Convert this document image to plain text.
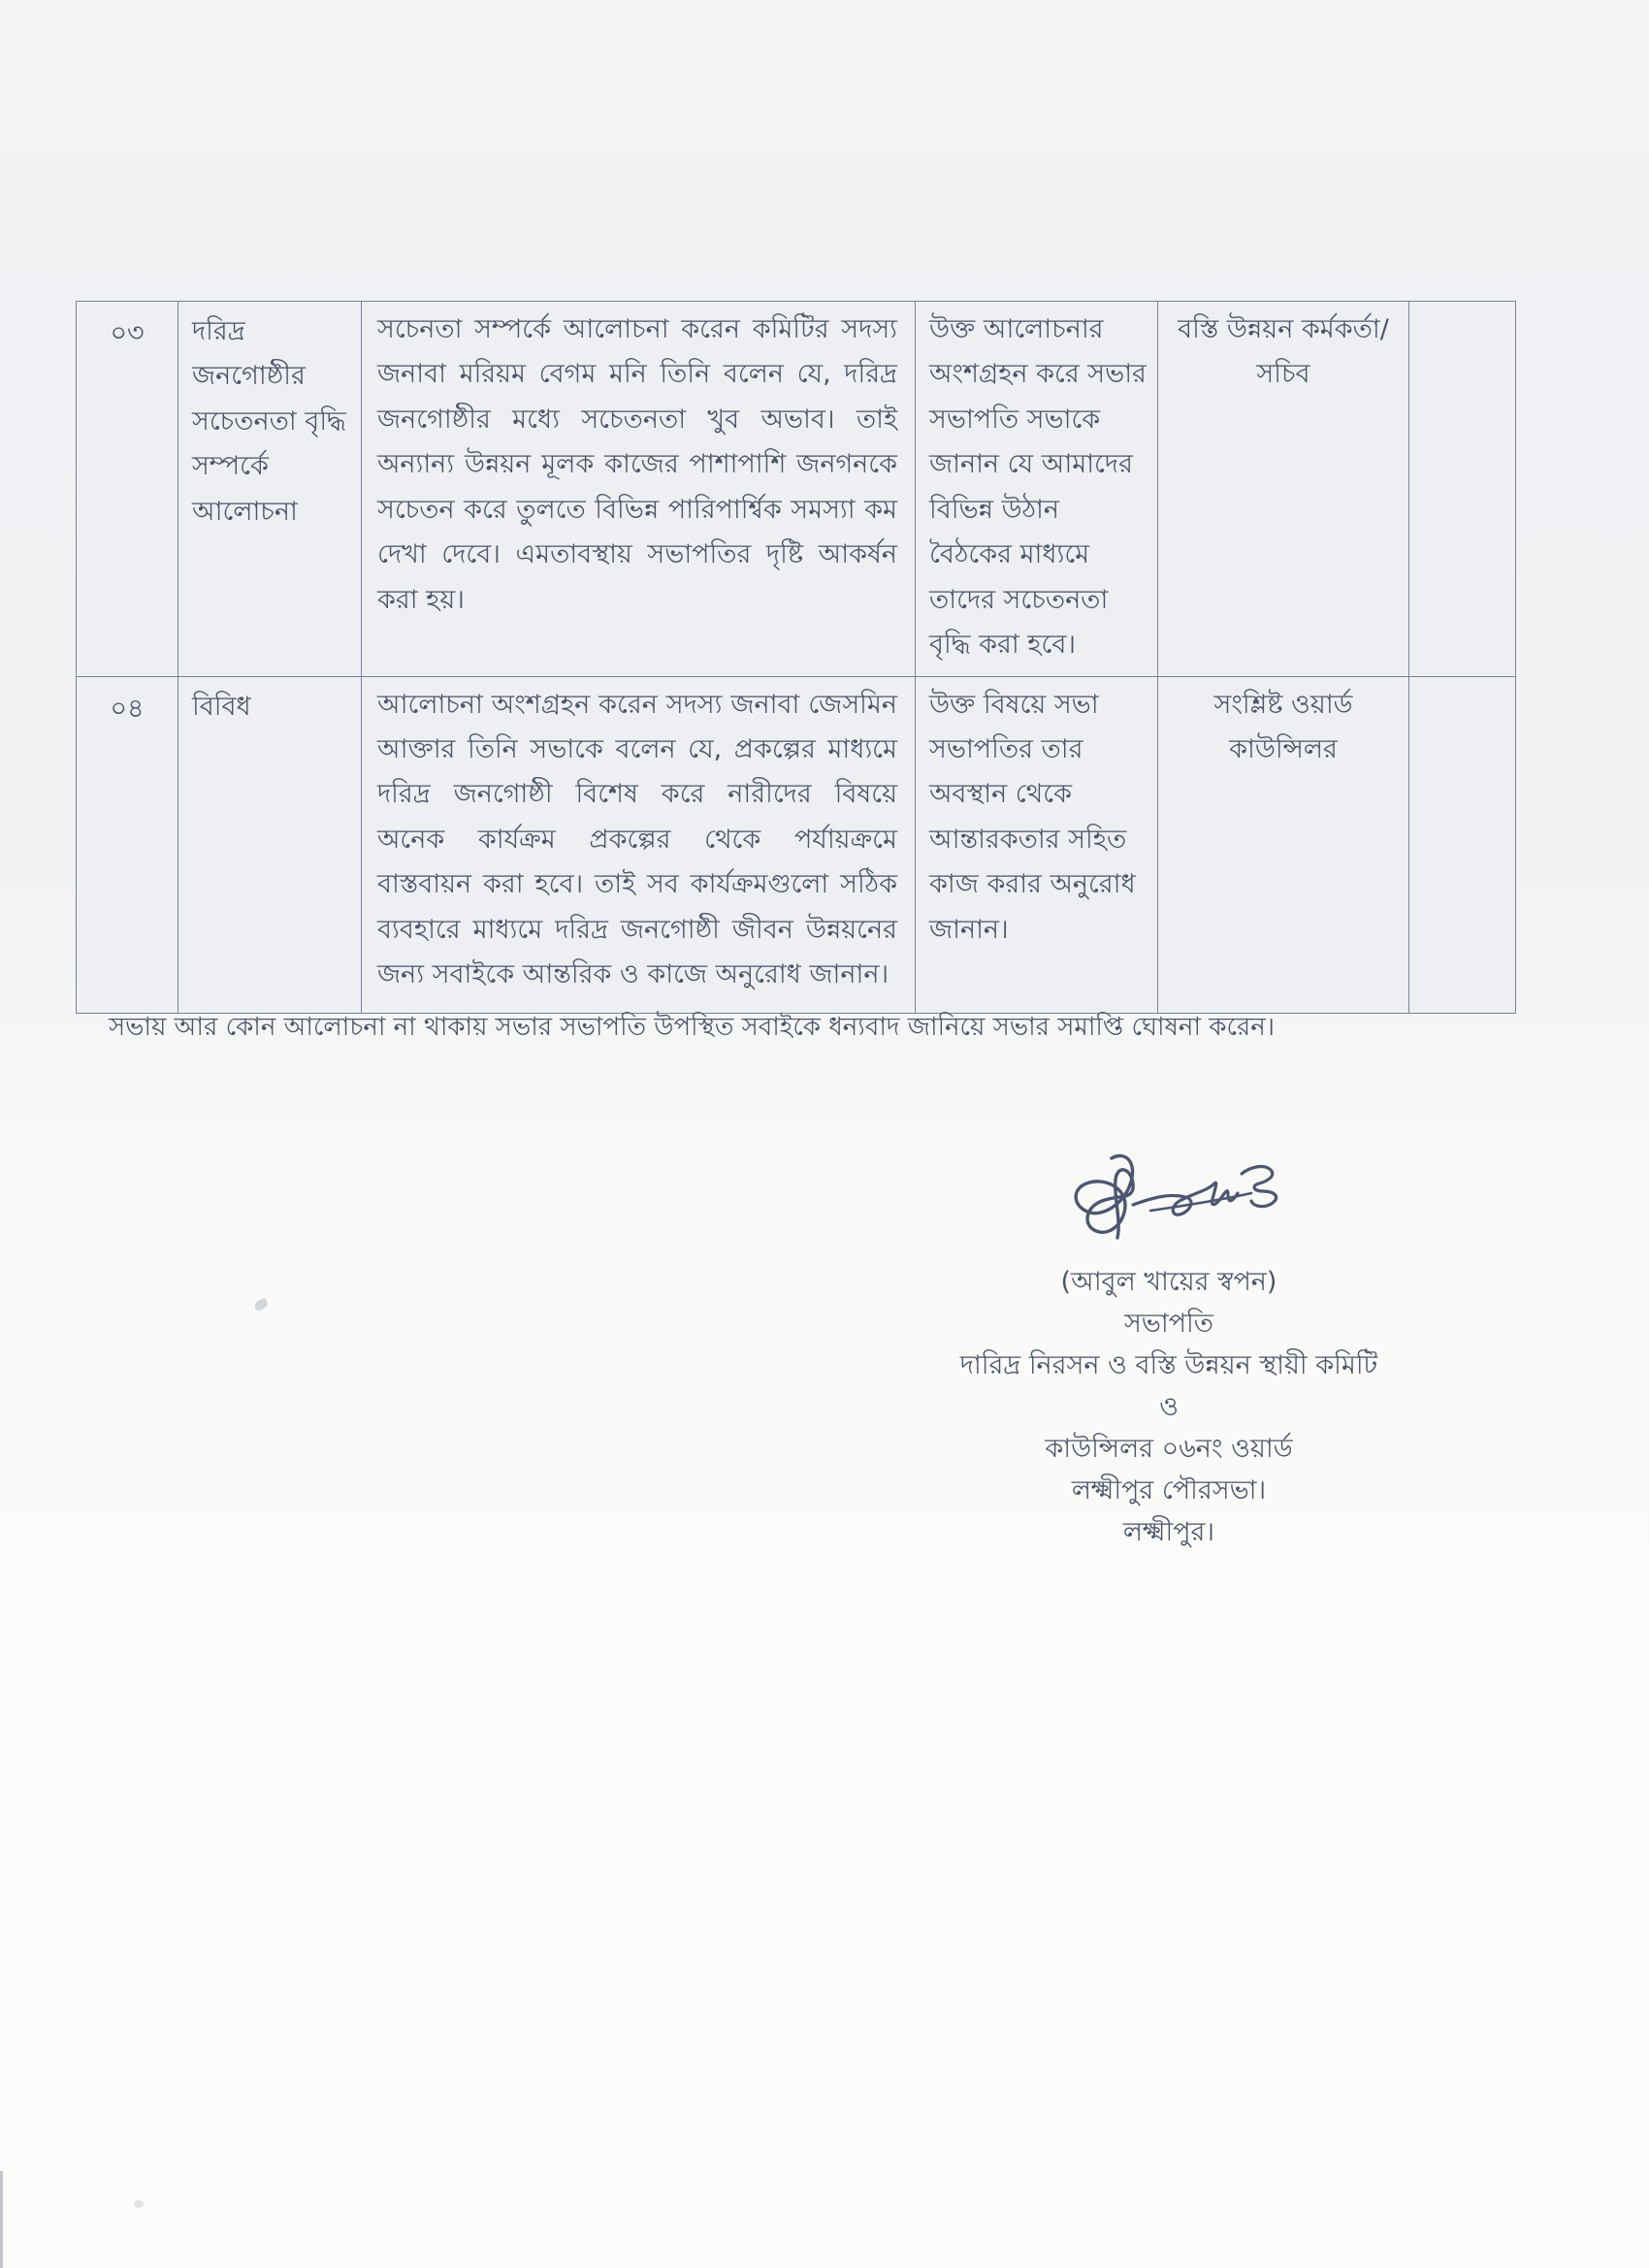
০৩	দরিদ্র জনগোষ্ঠীর সচেতনতা বৃদ্ধি সম্পর্কে আলোচনা	সচেনতা সম্পর্কে আলোচনা করেন কমিটির সদস্য জনাবা মরিয়ম বেগম মনি তিনি বলেন যে, দরিদ্র জনগোষ্ঠীর মধ্যে সচেতনতা খুব অভাব। তাই অন্যান্য উন্নয়ন মূলক কাজের পাশাপাশি জনগনকে সচেতন করে তুলতে বিভিন্ন পারিপার্শ্বিক সমস্যা কম দেখা দেবে। এমতাবস্থায় সভাপতির দৃষ্টি আকর্ষন করা হয়।	উক্ত আলোচনার অংশগ্রহন করে সভার সভাপতি সভাকে জানান যে আমাদের বিভিন্ন উঠান বৈঠকের মাধ্যমে তাদের সচেতনতা বৃদ্ধি করা হবে।	বস্তি উন্নয়ন কর্মকর্তা/ সচিব	
০৪	বিবিধ	আলোচনা অংশগ্রহন করেন সদস্য জনাবা জেসমিন আক্তার তিনি সভাকে বলেন যে, প্রকল্পের মাধ্যমে দরিদ্র জনগোষ্ঠী বিশেষ করে নারীদের বিষয়ে অনেক কার্যক্রম প্রকল্পের থেকে পর্যায়ক্রমে বাস্তবায়ন করা হবে। তাই সব কার্যক্রমগুলো সঠিক ব্যবহারে মাধ্যমে দরিদ্র জনগোষ্ঠী জীবন উন্নয়নের জন্য সবাইকে আন্তরিক ও কাজে অনুরোধ জানান।	উক্ত বিষয়ে সভা সভাপতির তার অবস্থান থেকে আন্তারকতার সহিত কাজ করার অনুরোধ জানান।	সংশ্লিষ্ট ওয়ার্ড কাউন্সিলর	
সভায় আর কোন আলোচনা না থাকায় সভার সভাপতি উপস্থিত সবাইকে ধন্যবাদ জানিয়ে সভার সমাপ্তি ঘোষনা করেন।
(আবুল খায়ের স্বপন)
সভাপতি
দারিদ্র নিরসন ও বস্তি উন্নয়ন স্থায়ী কমিটি
ও
কাউন্সিলর ০৬নং ওয়ার্ড
লক্ষ্মীপুর পৌরসভা।
লক্ষ্মীপুর।
